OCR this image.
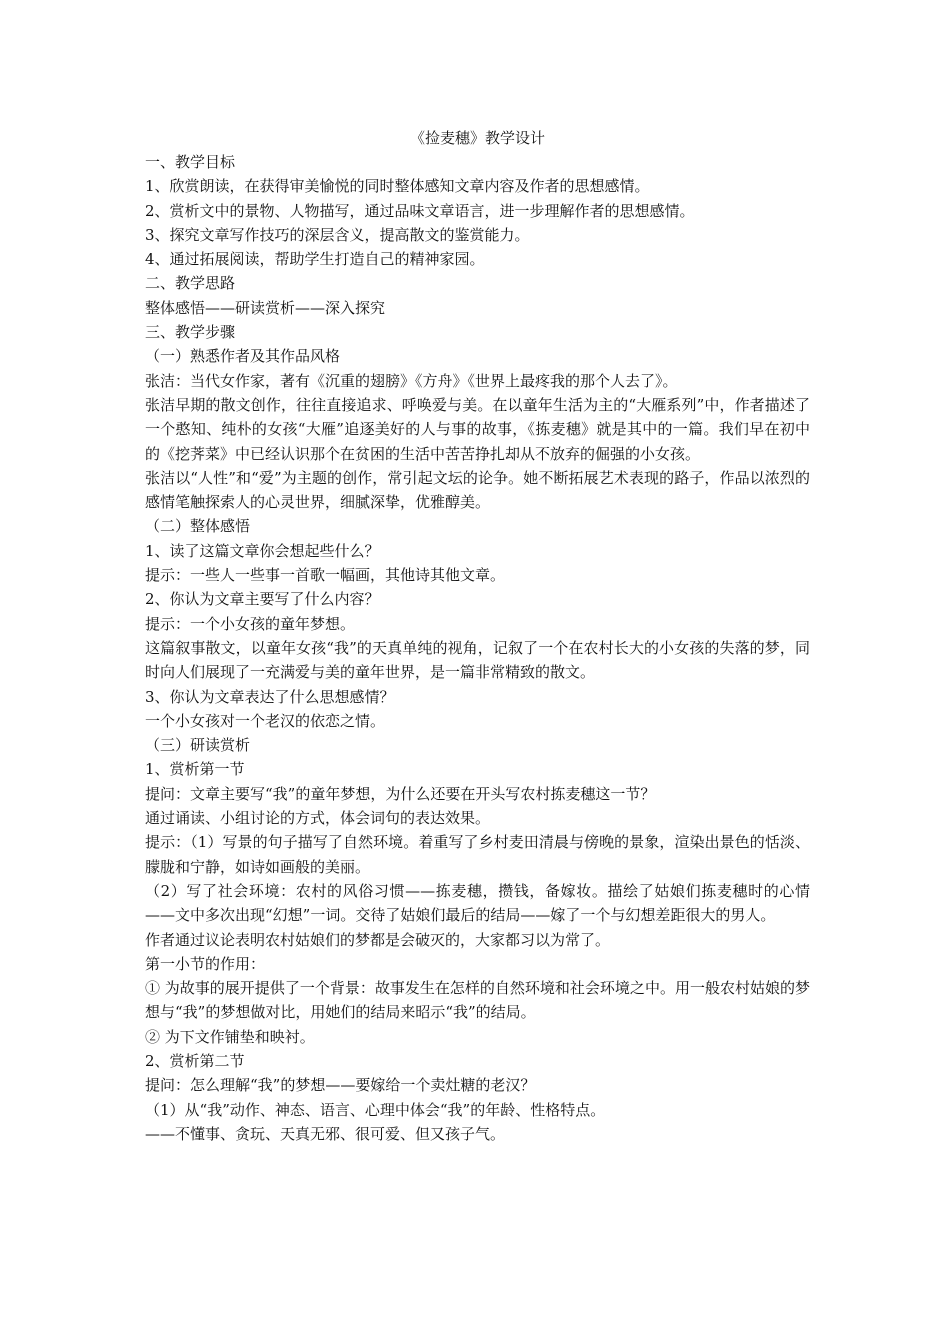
《捡麦穗》教学设计

一、教学目标

1、欣赏朗读，在获得审美愉悦的同时整体感知文章内容及作者的思想感情。

2、赏析文中的景物、人物描写，通过品味文章语言，进一步理解作者的思想感情。

3、探究文章写作技巧的深层含义，提高散文的鉴赏能力。

4、通过拓展阅读，帮助学生打造自己的精神家园。

二、教学思路

整体感悟——研读赏析——深入探究

三、教学步骤

（一）熟悉作者及其作品风格

张洁：当代女作家，著有《沉重的翅膀》《方舟》《世界上最疼我的那个人去了》。

张洁早期的散文创作，往往直接追求、呼唤爱与美。在以童年生活为主的“大雁系列”中，作者描述了一个憨知、纯朴的女孩“大雁”追逐美好的人与事的故事，《拣麦穗》就是其中的一篇。我们早在初中的《挖荠菜》中已经认识那个在贫困的生活中苦苦挣扎却从不放弃的倔强的小女孩。

张洁以“人性”和“爱”为主题的创作，常引起文坛的论争。她不断拓展艺术表现的路子，作品以浓烈的感情笔触探索人的心灵世界，细腻深挚，优雅醇美。

（二）整体感悟

1、读了这篇文章你会想起些什么？

提示：一些人一些事一首歌一幅画，其他诗其他文章。

2、你认为文章主要写了什么内容？

提示：一个小女孩的童年梦想。

这篇叙事散文，以童年女孩“我”的天真单纯的视角，记叙了一个在农村长大的小女孩的失落的梦，同时向人们展现了一充满爱与美的童年世界，是一篇非常精致的散文。

3、你认为文章表达了什么思想感情？

一个小女孩对一个老汉的依恋之情。

（三）研读赏析

1、赏析第一节

提问：文章主要写“我”的童年梦想，为什么还要在开头写农村拣麦穗这一节？

通过诵读、小组讨论的方式，体会词句的表达效果。

提示：（1）写景的句子描写了自然环境。着重写了乡村麦田清晨与傍晚的景象，渲染出景色的恬淡、朦胧和宁静，如诗如画般的美丽。

（2）写了社会环境：农村的风俗习惯——拣麦穗，攒钱，备嫁妆。描绘了姑娘们拣麦穗时的心情——文中多次出现“幻想”一词。交待了姑娘们最后的结局——嫁了一个与幻想差距很大的男人。

作者通过议论表明农村姑娘们的梦都是会破灭的，大家都习以为常了。

第一小节的作用：

① 为故事的展开提供了一个背景：故事发生在怎样的自然环境和社会环境之中。用一般农村姑娘的梦想与“我”的梦想做对比，用她们的结局来昭示“我”的结局。

② 为下文作铺垫和映衬。

2、赏析第二节

提问：怎么理解“我”的梦想——要嫁给一个卖灶糖的老汉？

（1）从“我”动作、神态、语言、心理中体会“我”的年龄、性格特点。

——不懂事、贪玩、天真无邪、很可爱、但又孩子气。
